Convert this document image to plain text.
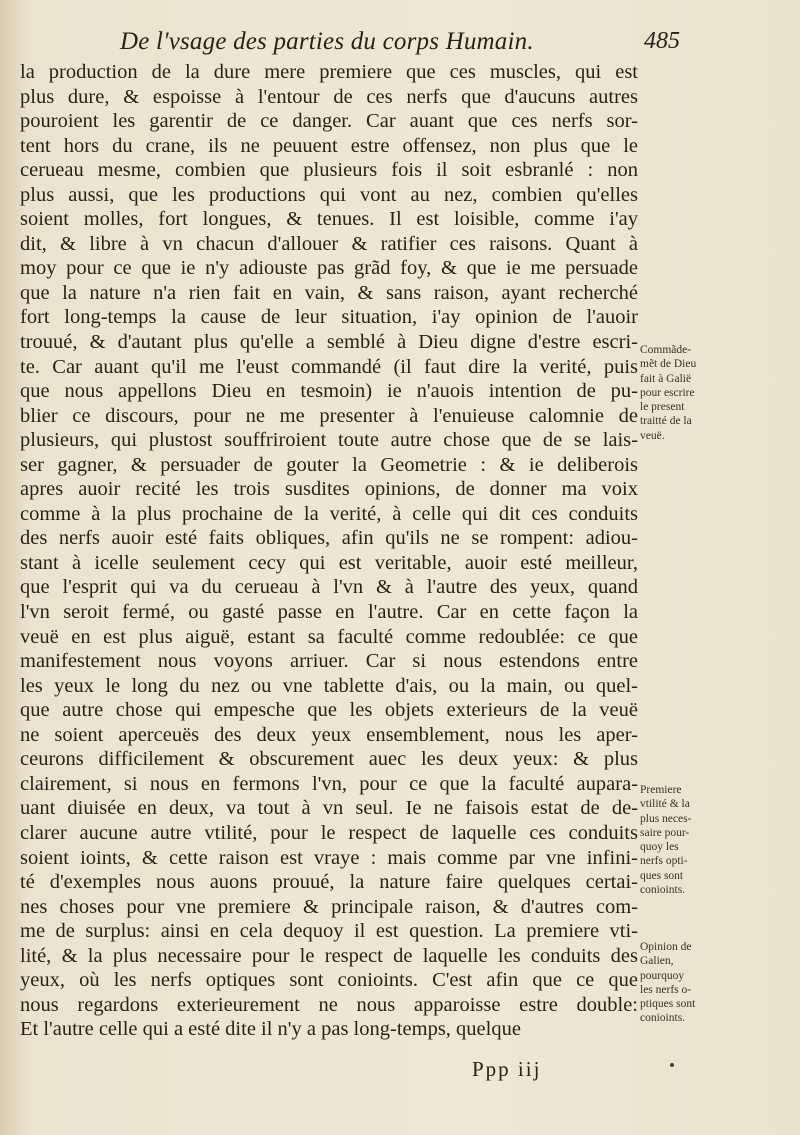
De l'vsage des parties du corps Humain.	485
la production de la dure mere premiere que ces muscles, qui est
plus dure, & espoisse à l'entour de ces nerfs que d'aucuns autres
pouroient les garentir de ce danger. Car auant que ces nerfs sor-
tent hors du crane, ils ne peuuent estre offensez, non plus que le
cerueau mesme, combien que plusieurs fois il soit esbranlé : non
plus aussi, que les productions qui vont au nez, combien qu'elles
soient molles, fort longues, & tenues. Il est loisible, comme i'ay
dit, & libre à vn chacun d'allouer & ratifier ces raisons. Quant à
moy pour ce que ie n'y adiouste pas grãd foy, & que ie me persuade
que la nature n'a rien fait en vain, & sans raison, ayant recherché
fort long-temps la cause de leur situation, i'ay opinion de l'auoir
trouué, & d'autant plus qu'elle a semblé à Dieu digne d'estre escri-
te. Car auant qu'il me l'eust commandé (il faut dire la verité, puis
que nous appellons Dieu en tesmoin) ie n'auois intention de pu-
blier ce discours, pour ne me presenter à l'enuieuse calomnie de
plusieurs, qui plustost souffriroient toute autre chose que de se lais-
ser gagner, & persuader de gouter la Geometrie : & ie deliberois
apres auoir recité les trois susdites opinions, de donner ma voix
comme à la plus prochaine de la verité, à celle qui dit ces conduits
des nerfs auoir esté faits obliques, afin qu'ils ne se rompent: adiou-
stant à icelle seulement cecy qui est veritable, auoir esté meilleur,
que l'esprit qui va du cerueau à l'vn & à l'autre des yeux, quand
l'vn seroit fermé, ou gasté passe en l'autre. Car en cette façon la
veuë en est plus aiguë, estant sa faculté comme redoublée: ce que
manifestement nous voyons arriuer. Car si nous estendons entre
les yeux le long du nez ou vne tablette d'ais, ou la main, ou quel-
que autre chose qui empesche que les objets exterieurs de la veuë
ne soient aperceuës des deux yeux ensemblement, nous les aper-
ceurons difficilement & obscurement auec les deux yeux: & plus
clairement, si nous en fermons l'vn, pour ce que la faculté aupara-
uant diuisée en deux, va tout à vn seul. Ie ne faisois estat de de-
clarer aucune autre vtilité, pour le respect de laquelle ces conduits
soient ioints, & cette raison est vraye : mais comme par vne infini-
té d'exemples nous auons prouué, la nature faire quelques certai-
nes choses pour vne premiere & principale raison, & d'autres com-
me de surplus: ainsi en cela dequoy il est question. La premiere vti-
lité, & la plus necessaire pour le respect de laquelle les conduits des
yeux, où les nerfs optiques sont conioints. C'est afin que ce que
nous regardons exterieurement ne nous apparoisse estre double:
Et l'autre celle qui a esté dite il n'y a pas long-temps, quelque
Commãde-
mẽt de Dieu
fait à Galië
pour escrire
le present
traitté de la
veuë.
Premiere
vtilité & la
plus neces-
saire pour-
quoy les
nerfs opti-
ques sont
conioints.
Opinion de
Galien,
pourquoy
les nerfs o-
ptiques sont
conioints.
Ppp iij
